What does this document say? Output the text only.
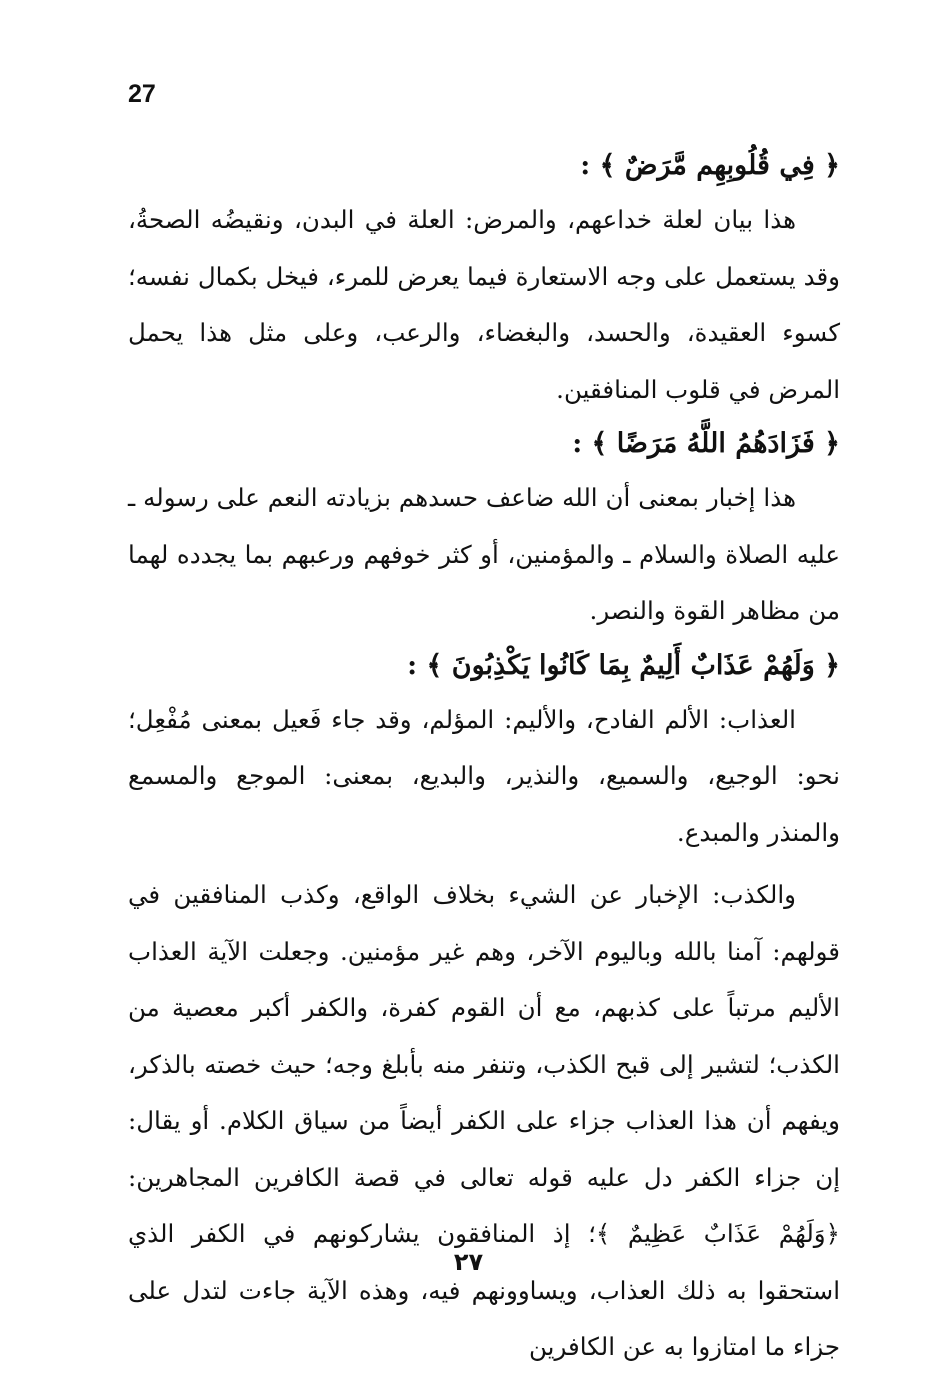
27

﴿ فِي قُلُوبِهِم مَّرَضٌ ﴾ :

هذا بيان لعلة خداعهم، والمرض: العلة في البدن، ونقيضُه الصحةُ، وقد يستعمل على وجه الاستعارة فيما يعرض للمرء، فيخل بكمال نفسه؛ كسوء العقيدة، والحسد، والبغضاء، والرعب، وعلى مثل هذا يحمل المرض في قلوب المنافقين.

﴿ فَزَادَهُمُ اللَّهُ مَرَضًا ﴾ :

هذا إخبار بمعنى أن الله ضاعف حسدهم بزيادته النعم على رسوله ـ عليه الصلاة والسلام ـ والمؤمنين، أو كثر خوفهم ورعبهم بما يجدده لهما من مظاهر القوة والنصر.

﴿ وَلَهُمْ عَذَابٌ أَلِيمٌ بِمَا كَانُوا يَكْذِبُونَ ﴾ :

العذاب: الألم الفادح، والأليم: المؤلم، وقد جاء فَعيل بمعنى مُفْعِل؛ نحو: الوجيع، والسميع، والنذير، والبديع، بمعنى: الموجع والمسمع والمنذر والمبدع.

والكذب: الإخبار عن الشيء بخلاف الواقع، وكذب المنافقين في قولهم: آمنا بالله وباليوم الآخر، وهم غير مؤمنين. وجعلت الآية العذاب الأليم مرتباً على كذبهم، مع أن القوم كفرة، والكفر أكبر معصية من الكذب؛ لتشير إلى قبح الكذب، وتنفر منه بأبلغ وجه؛ حيث خصته بالذكر، ويفهم أن هذا العذاب جزاء على الكفر أيضاً من سياق الكلام. أو يقال: إن جزاء الكفر دل عليه قوله تعالى في قصة الكافرين المجاهرين: ﴿وَلَهُمْ عَذَابٌ عَظِيمٌ ﴾؛ إذ المنافقون يشاركونهم في الكفر الذي استحقوا به ذلك العذاب، ويساوونهم فيه، وهذه الآية جاءت لتدل على جزاء ما امتازوا به عن الكافرين

٢٧
